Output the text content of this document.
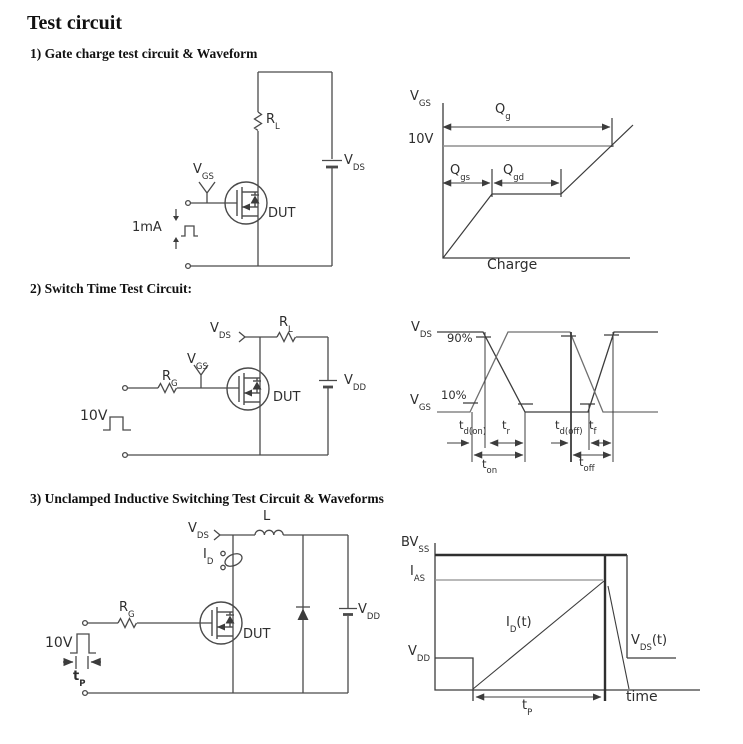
Test circuit
1) Gate charge test circuit & Waveform
2) Switch Time Test Circuit:
3) Unclamped Inductive Switching Test Circuit & Waveforms
$R_L$
$V_{DS}$
$V_{GS}$
DUT
1mA
$V_{GS}$
10V
$Q_g$
$Q_{gs}$	$Q_{gd}$
Charge
$V_{DS}$
$R_L$
$V_{GS}$
$R_G$	$V_{DD}$
DUT
10V
$V_{DS}$ 90%
$V_{GS}$
10%
$t_{d(on)}$
$t_r$
$t_{d(off)}$
$t_f$
$t_{on}$
$t_{off}$
$V_{DS}$
L
$I_D$
$R_G$	$V_{DD}$
DUT
10V
$t_P$
$BV_{SS}$
$I_{AS}$
$V_{DD}$
$I_D(t)$
$V_{DS}(t)$
$t_P$
time
